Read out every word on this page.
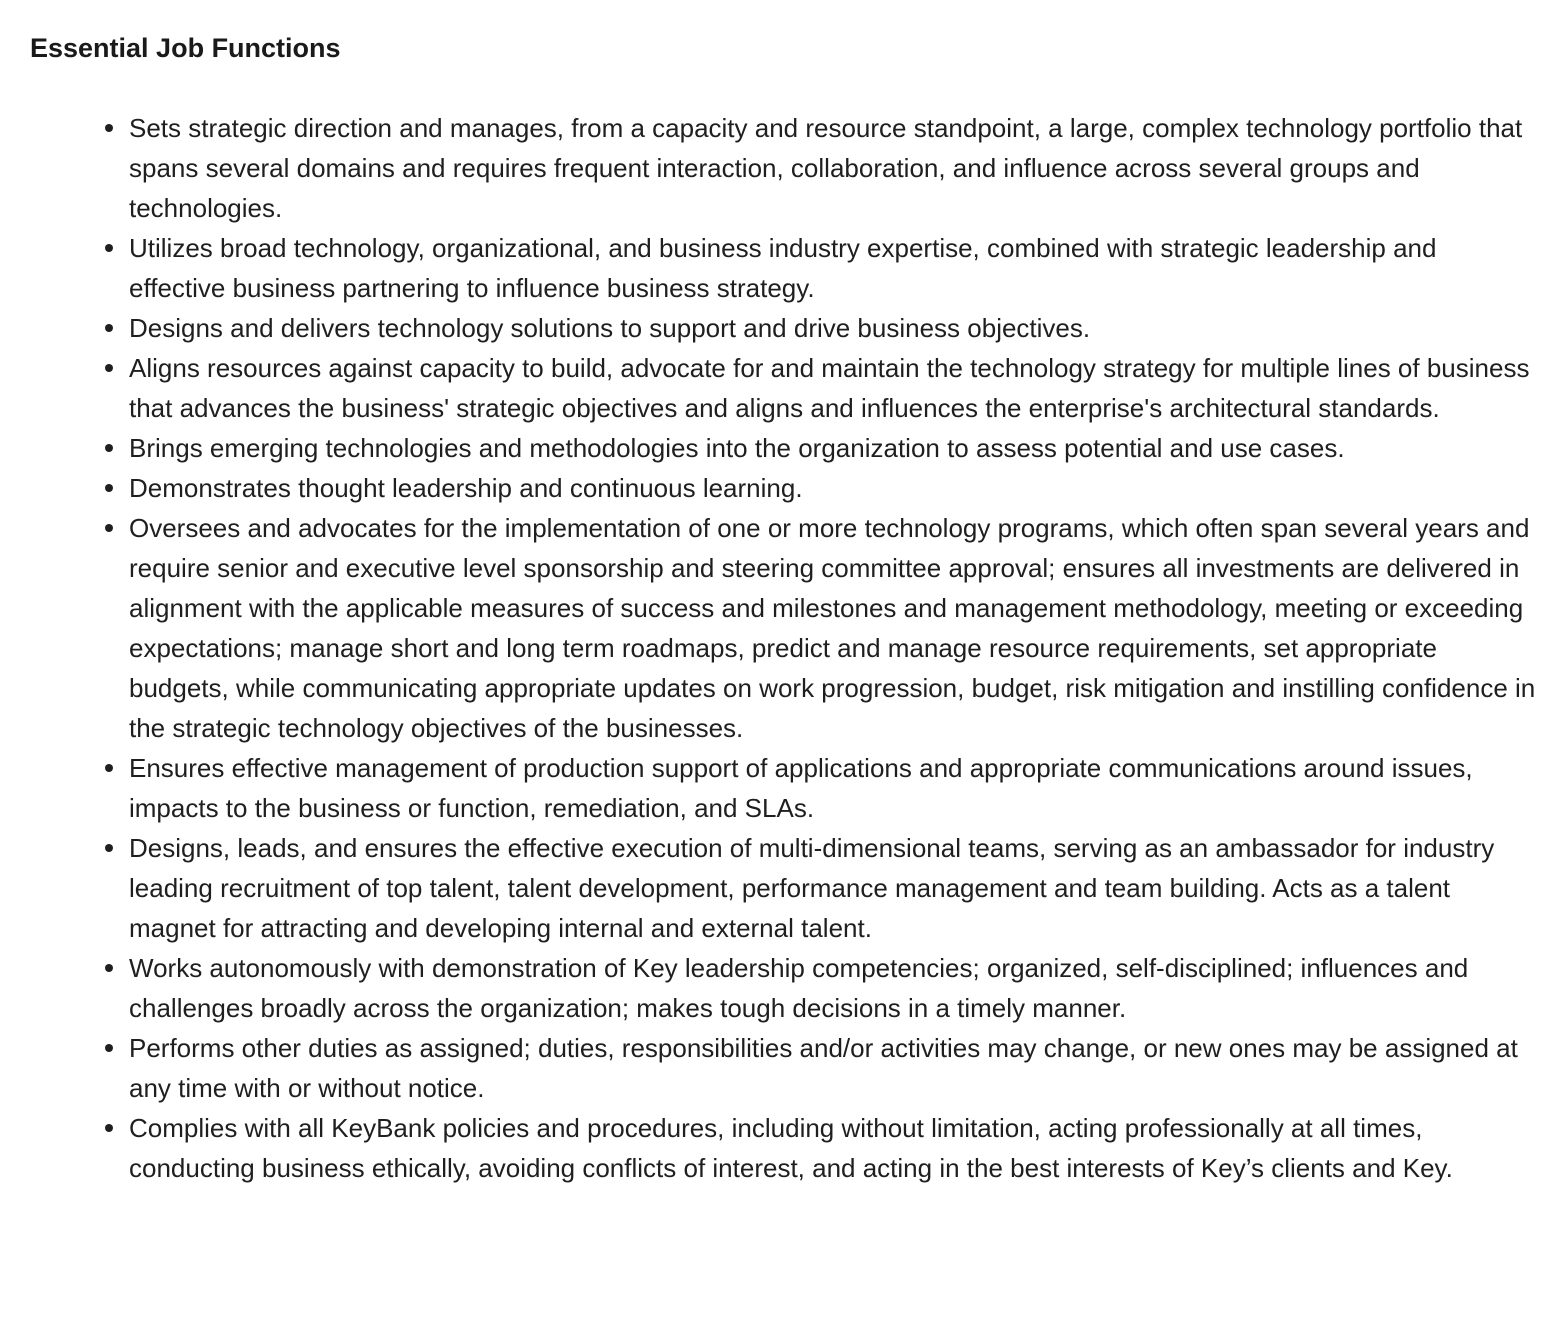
Essential Job Functions
Sets strategic direction and manages, from a capacity and resource standpoint, a large, complex technology portfolio that spans several domains and requires frequent interaction, collaboration, and influence across several groups and technologies.
Utilizes broad technology, organizational, and business industry expertise, combined with strategic leadership and effective business partnering to influence business strategy.
Designs and delivers technology solutions to support and drive business objectives.
Aligns resources against capacity to build, advocate for and maintain the technology strategy for multiple lines of business that advances the business' strategic objectives and aligns and influences the enterprise's architectural standards.
Brings emerging technologies and methodologies into the organization to assess potential and use cases.
Demonstrates thought leadership and continuous learning.
Oversees and advocates for the implementation of one or more technology programs, which often span several years and require senior and executive level sponsorship and steering committee approval; ensures all investments are delivered in alignment with the applicable measures of success and milestones and management methodology, meeting or exceeding expectations; manage short and long term roadmaps, predict and manage resource requirements, set appropriate budgets, while communicating appropriate updates on work progression, budget, risk mitigation and instilling confidence in the strategic technology objectives of the businesses.
Ensures effective management of production support of applications and appropriate communications around issues, impacts to the business or function, remediation, and SLAs.
Designs, leads, and ensures the effective execution of multi-dimensional teams, serving as an ambassador for industry leading recruitment of top talent, talent development, performance management and team building. Acts as a talent magnet for attracting and developing internal and external talent.
Works autonomously with demonstration of Key leadership competencies; organized, self-disciplined; influences and challenges broadly across the organization; makes tough decisions in a timely manner.
Performs other duties as assigned; duties, responsibilities and/or activities may change, or new ones may be assigned at any time with or without notice.
Complies with all KeyBank policies and procedures, including without limitation, acting professionally at all times, conducting business ethically, avoiding conflicts of interest, and acting in the best interests of Key’s clients and Key.
